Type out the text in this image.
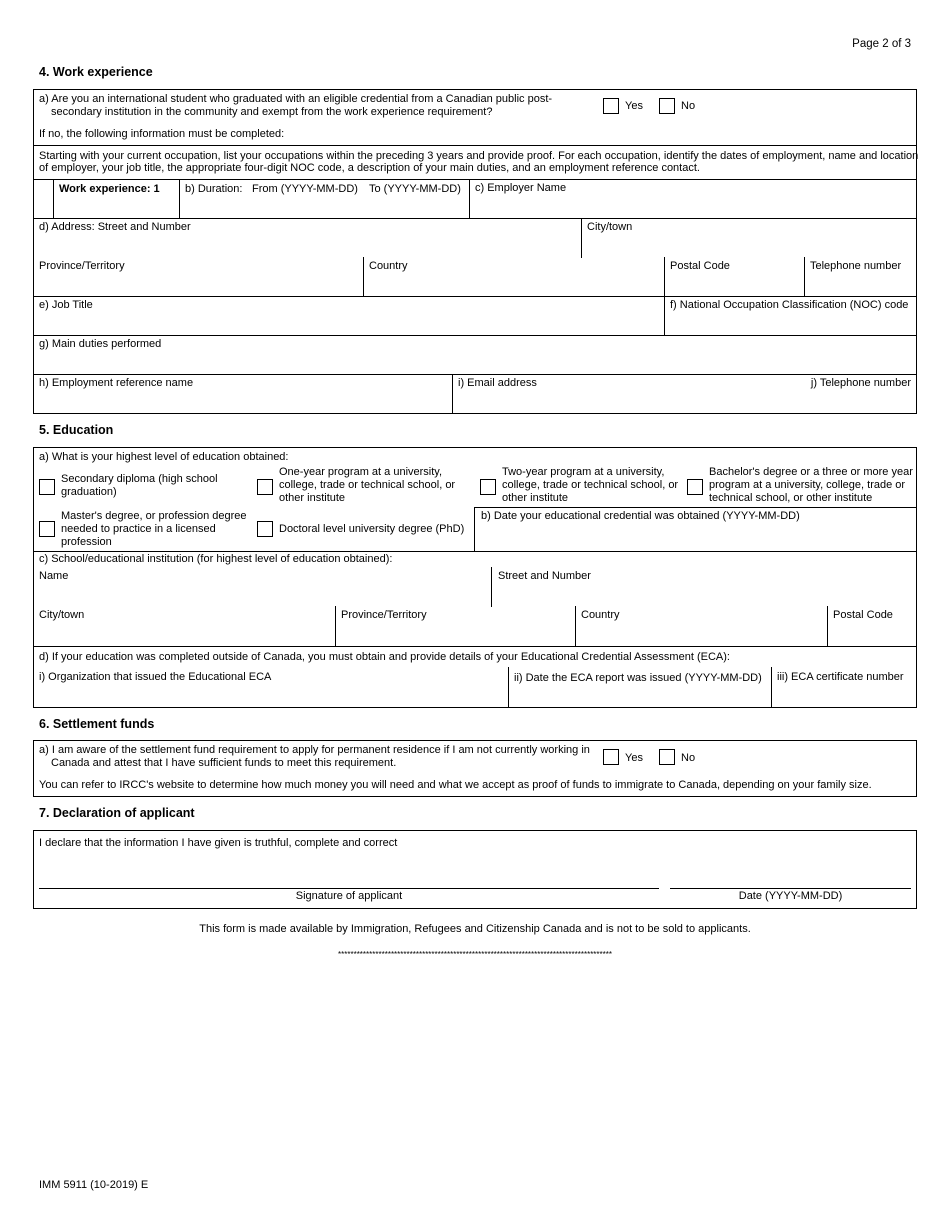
Page 2 of 3
4. Work experience
a) Are you an international student who graduated with an eligible credential from a Canadian public post-
secondary institution in the community and exempt from the work experience requirement?	Yes	No
If no, the following information must be completed:
Starting with your current occupation, list your occupations within the preceding 3 years and provide proof. For each occupation, identify the dates of employment, name and location
of employer, your job title, the appropriate four-digit NOC code, a description of your main duties, and an employment reference contact.
Work experience: 1 b) Duration: From (YYYY-MM-DD) To (YYYY-MM-DD) c) Employer Name
d) Address: Street and Number	City/town
Province/Territory	Country	Postal Code	Telephone number
e) Job Title	f) National Occupation Classification (NOC) code
g) Main duties performed
h) Employment reference name	i) Email address	j) Telephone number
5. Education
a) What is your highest level of education obtained:
Secondary diploma (high school
graduation)
One-year program at a university,
college, trade or technical school, or
other institute
Two-year program at a university,
college, trade or technical school, or
other institute
Bachelor's degree or a three or more year
program at a university, college, trade or
technical school, or other institute
Master's degree, or profession degree
needed to practice in a licensed
profession
Doctoral level university degree (PhD)
b) Date your educational credential was obtained (YYYY-MM-DD)
c) School/educational institution (for highest level of education obtained):
Name	Street and Number
City/town	Province/Territory	Country	Postal Code
d) If your education was completed outside of Canada, you must obtain and provide details of your Educational Credential Assessment (ECA):
i) Organization that issued the Educational ECA	ii) Date the ECA report was issued (YYYY-MM-DD) iii) ECA certificate number
6. Settlement funds
a) I am aware of the settlement fund requirement to apply for permanent residence if I am not currently working in
Canada and attest that I have sufficient funds to meet this requirement.	Yes	No
You can refer to IRCC's website to determine how much money you will need and what we accept as proof of funds to immigrate to Canada, depending on your family size.
7. Declaration of applicant
I declare that the information I have given is truthful, complete and correct
Signature of applicant	Date (YYYY-MM-DD)
This form is made available by Immigration, Refugees and Citizenship Canada and is not to be sold to applicants.
****************************************************************************************
IMM 5911 (10-2019) E
